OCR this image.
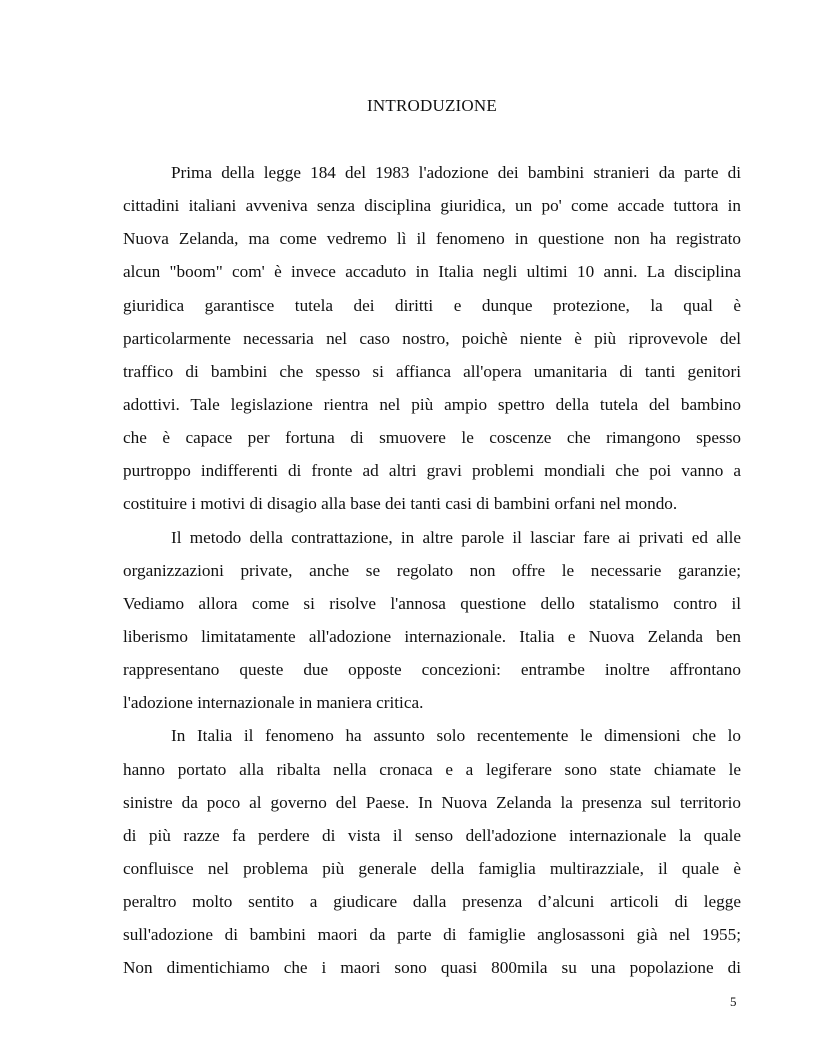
INTRODUZIONE
Prima della legge 184 del 1983 l'adozione dei bambini stranieri da parte di
cittadini italiani avveniva senza disciplina giuridica, un po' come accade tuttora in
Nuova Zelanda, ma come vedremo lì il fenomeno in questione non ha registrato
alcun "boom" com' è invece accaduto in Italia negli ultimi 10 anni. La disciplina
giuridica garantisce tutela dei diritti e dunque protezione, la qual è
particolarmente necessaria nel caso nostro, poichè niente è più riprovevole del
traffico di bambini che spesso si affianca all'opera umanitaria di tanti genitori
adottivi. Tale legislazione rientra nel più ampio spettro della tutela del bambino
che è capace per fortuna di smuovere le coscenze che rimangono spesso
purtroppo indifferenti di fronte ad altri gravi problemi mondiali che poi vanno a
costituire i motivi di disagio alla base dei tanti casi di bambini orfani nel mondo.
Il metodo della contrattazione, in altre parole il lasciar fare ai privati ed alle
organizzazioni private, anche se regolato non offre le necessarie garanzie;
Vediamo allora come si risolve l'annosa questione dello statalismo contro il
liberismo limitatamente all'adozione internazionale. Italia e Nuova Zelanda ben
rappresentano queste due opposte concezioni: entrambe inoltre affrontano
l'adozione internazionale in maniera critica.
In Italia il fenomeno ha assunto solo recentemente le dimensioni che lo
hanno portato alla ribalta nella cronaca e a legiferare sono state chiamate le
sinistre da poco al governo del Paese. In Nuova Zelanda la presenza sul territorio
di più razze fa perdere di vista il senso dell'adozione internazionale la quale
confluisce nel problema più generale della famiglia multirazziale, il quale è
peraltro molto sentito a giudicare dalla presenza d’alcuni articoli di legge
sull'adozione di bambini maori da parte di famiglie anglosassoni già nel 1955;
Non dimentichiamo che i maori sono quasi 800mila su una popolazione di
5
